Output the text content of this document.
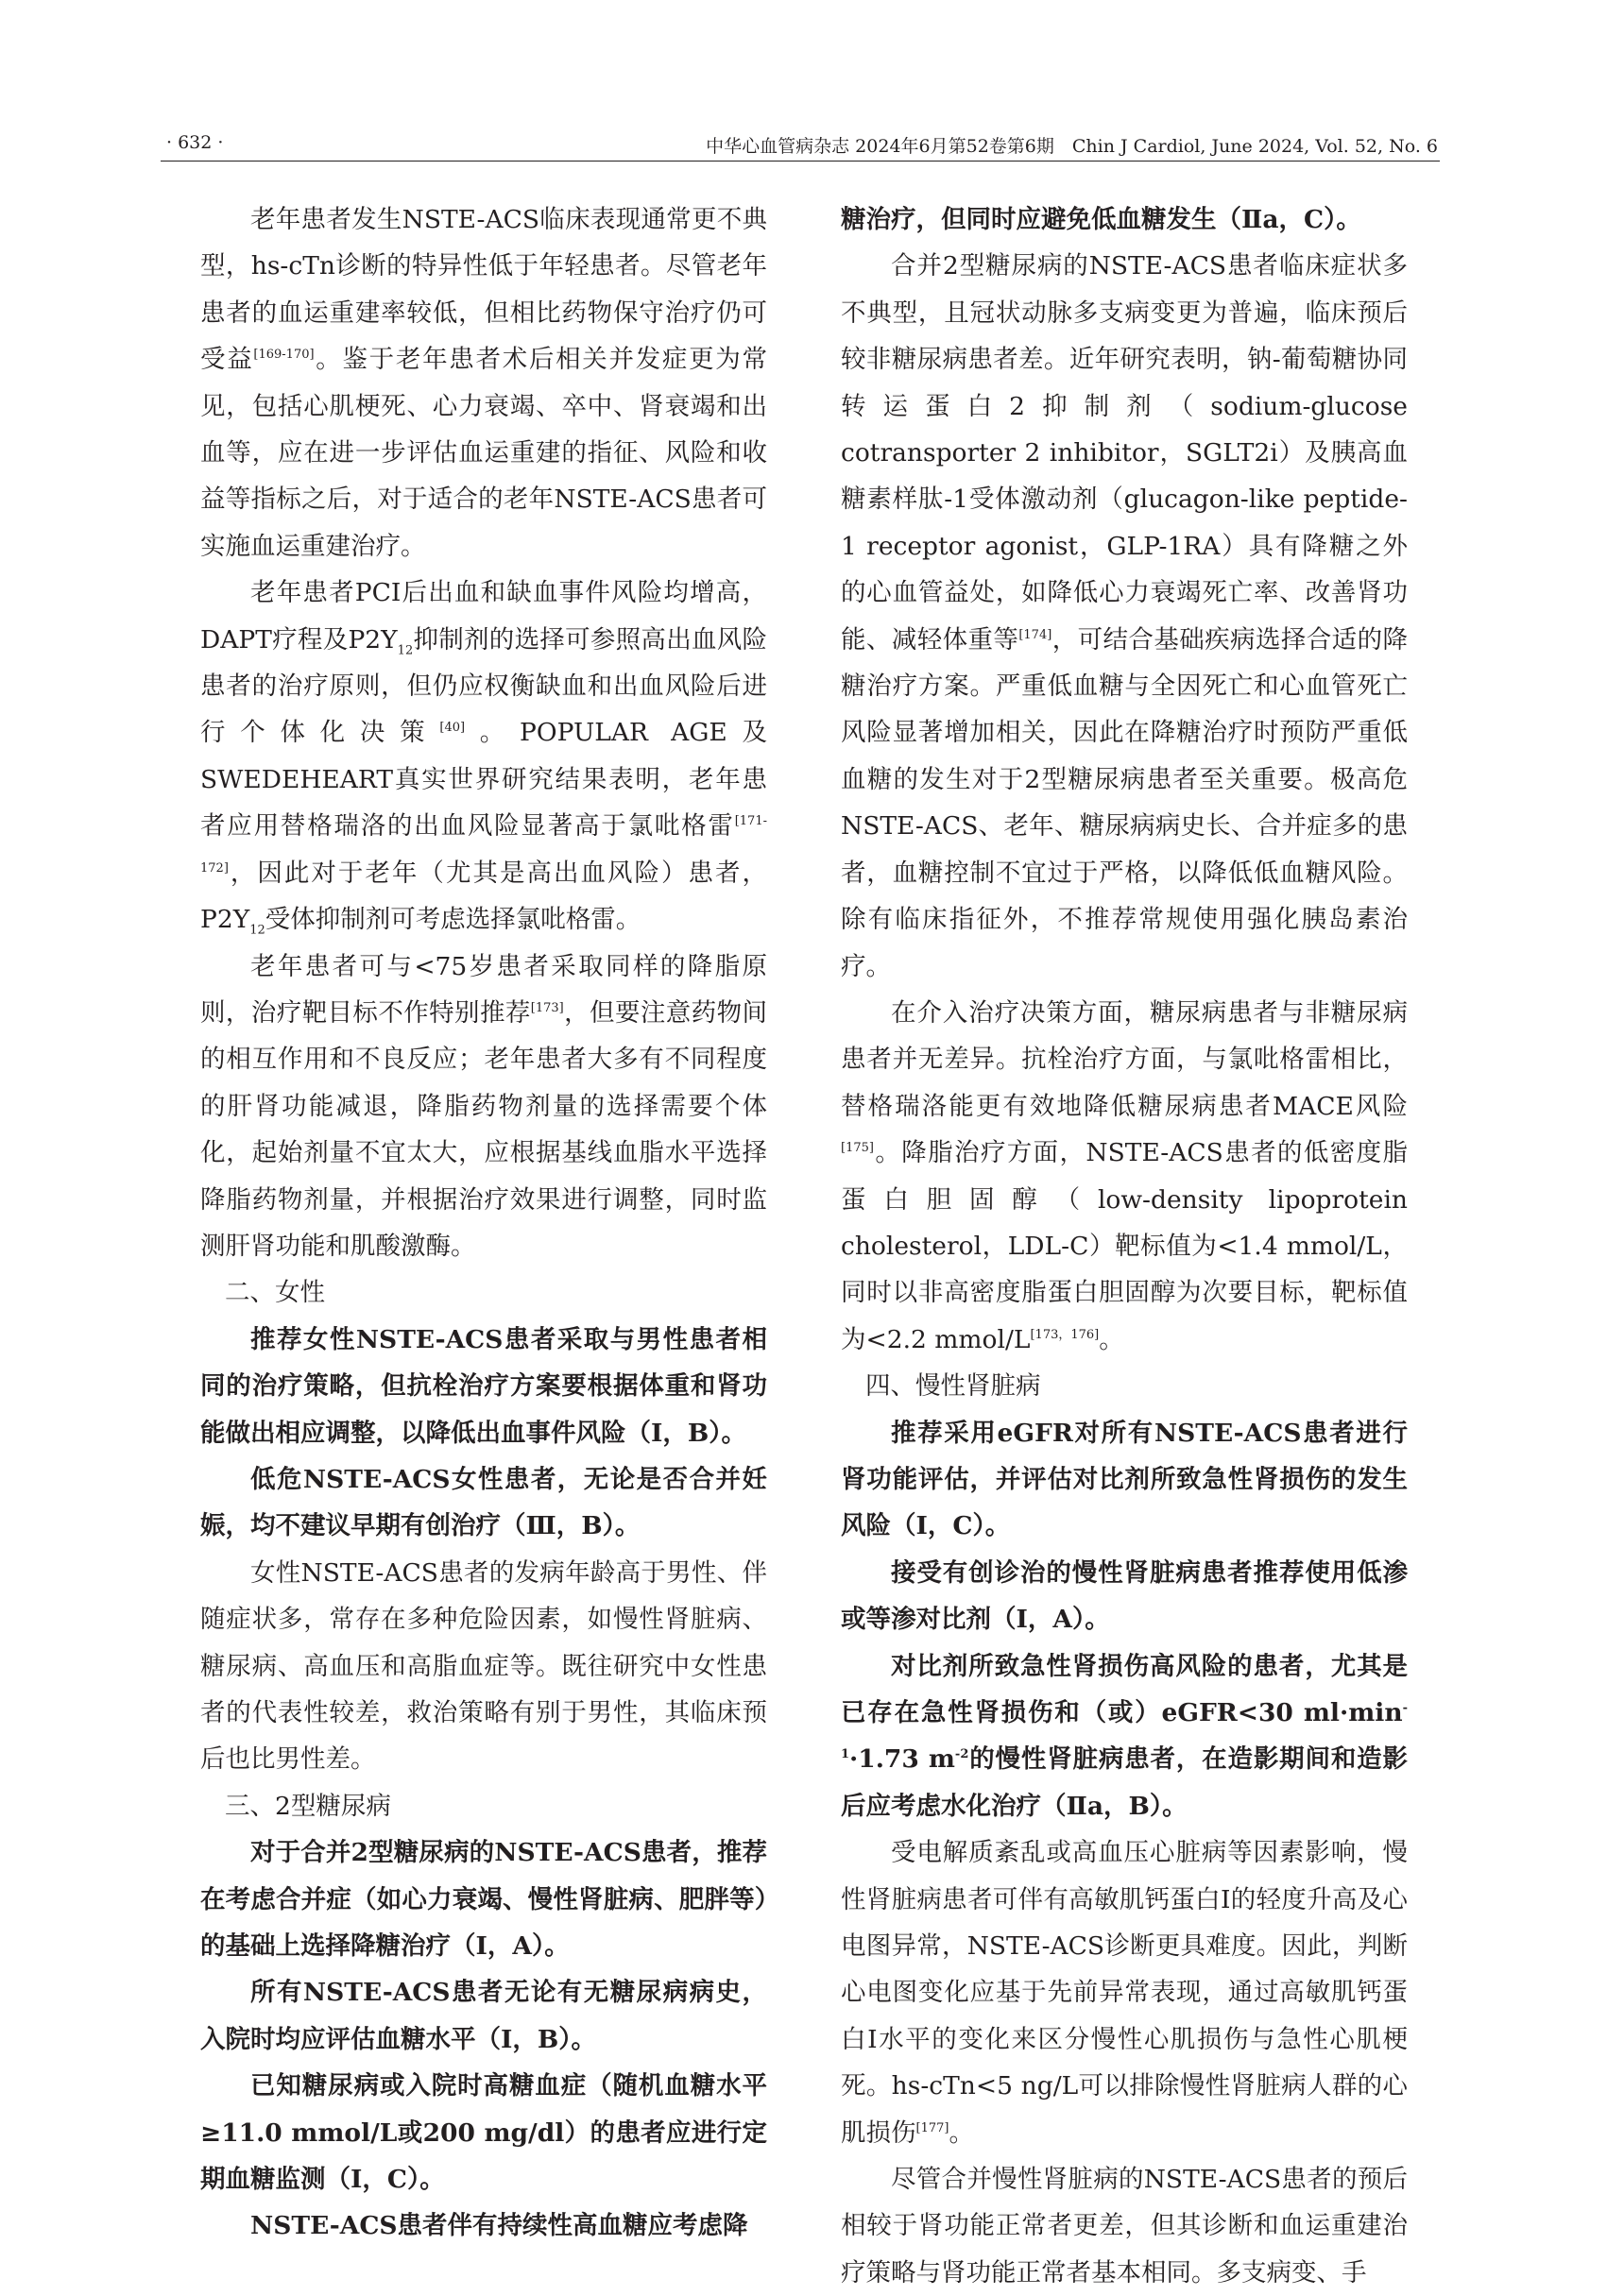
· 632 ·	中华心血管病杂志 2024年6月第52卷第6期　Chin J Cardiol, June 2024, Vol. 52, No. 6

老年患者发生NSTE-ACS临床表现通常更不典型，hs-cTn诊断的特异性低于年轻患者。尽管老年患者的血运重建率较低，但相比药物保守治疗仍可受益[169-170]。鉴于老年患者术后相关并发症更为常见，包括心肌梗死、心力衰竭、卒中、肾衰竭和出血等，应在进一步评估血运重建的指征、风险和收益等指标之后，对于适合的老年NSTE-ACS患者可实施血运重建治疗。

老年患者PCI后出血和缺血事件风险均增高，DAPT疗程及$P2Y_{12}$抑制剂的选择可参照高出血风险患者的治疗原则，但仍应权衡缺血和出血风险后进行个体化决策[40]。POPULAR AGE及SWEDEHEART真实世界研究结果表明，老年患者应用替格瑞洛的出血风险显著高于氯吡格雷[171-172]，因此对于老年（尤其是高出血风险）患者，$P2Y_{12}$受体抑制剂可考虑选择氯吡格雷。

老年患者可与<75岁患者采取同样的降脂原则，治疗靶目标不作特别推荐[173]，但要注意药物间的相互作用和不良反应；老年患者大多有不同程度的肝肾功能减退，降脂药物剂量的选择需要个体化，起始剂量不宜太大，应根据基线血脂水平选择降脂药物剂量，并根据治疗效果进行调整，同时监测肝肾功能和肌酸激酶。

二、女性

推荐女性NSTE-ACS患者采取与男性患者相同的治疗策略，但抗栓治疗方案要根据体重和肾功能做出相应调整，以降低出血事件风险（Ⅰ，B）。

低危NSTE-ACS女性患者，无论是否合并妊娠，均不建议早期有创治疗（Ⅲ，B）。

女性NSTE-ACS患者的发病年龄高于男性、伴随症状多，常存在多种危险因素，如慢性肾脏病、糖尿病、高血压和高脂血症等。既往研究中女性患者的代表性较差，救治策略有别于男性，其临床预后也比男性差。

三、2型糖尿病

对于合并2型糖尿病的NSTE-ACS患者，推荐在考虑合并症（如心力衰竭、慢性肾脏病、肥胖等）的基础上选择降糖治疗（Ⅰ，A）。

所有NSTE-ACS患者无论有无糖尿病病史，入院时均应评估血糖水平（Ⅰ，B）。

已知糖尿病或入院时高糖血症（随机血糖水平≥11.0 mmol/L或200 mg/dl）的患者应进行定期血糖监测（Ⅰ，C）。

NSTE-ACS患者伴有持续性高血糖应考虑降

糖治疗，但同时应避免低血糖发生（Ⅱa，C）。

合并2型糖尿病的NSTE-ACS患者临床症状多不典型，且冠状动脉多支病变更为普遍，临床预后较非糖尿病患者差。近年研究表明，钠-葡萄糖协同转运蛋白2抑制剂（sodium-glucose cotransporter 2 inhibitor，SGLT2i）及胰高血糖素样肽-1受体激动剂（glucagon-like peptide-1 receptor agonist，GLP-1RA）具有降糖之外的心血管益处，如降低心力衰竭死亡率、改善肾功能、减轻体重等[174]，可结合基础疾病选择合适的降糖治疗方案。严重低血糖与全因死亡和心血管死亡风险显著增加相关，因此在降糖治疗时预防严重低血糖的发生对于2型糖尿病患者至关重要。极高危NSTE-ACS、老年、糖尿病病史长、合并症多的患者，血糖控制不宜过于严格，以降低低血糖风险。除有临床指征外，不推荐常规使用强化胰岛素治疗。

在介入治疗决策方面，糖尿病患者与非糖尿病患者并无差异。抗栓治疗方面，与氯吡格雷相比，替格瑞洛能更有效地降低糖尿病患者MACE风险[175]。降脂治疗方面，NSTE-ACS患者的低密度脂蛋白胆固醇（low-density lipoprotein cholesterol，LDL-C）靶标值为<1.4 mmol/L，同时以非高密度脂蛋白胆固醇为次要目标，靶标值为<2.2 mmol/L[173，176]。

四、慢性肾脏病

推荐采用eGFR对所有NSTE-ACS患者进行肾功能评估，并评估对比剂所致急性肾损伤的发生风险（Ⅰ，C）。

接受有创诊治的慢性肾脏病患者推荐使用低渗或等渗对比剂（Ⅰ，A）。

对比剂所致急性肾损伤高风险的患者，尤其是已存在急性肾损伤和（或）eGFR<30 $ml\cdot\min^{-1}\cdot 1.73$ $m^{-2}$的慢性肾脏病患者，在造影期间和造影后应考虑水化治疗（Ⅱa，B）。

受电解质紊乱或高血压心脏病等因素影响，慢性肾脏病患者可伴有高敏肌钙蛋白Ⅰ的轻度升高及心电图异常，NSTE-ACS诊断更具难度。因此，判断心电图变化应基于先前异常表现，通过高敏肌钙蛋白Ⅰ水平的变化来区分慢性心肌损伤与急性心肌梗死。hs-cTn<5 ng/L可以排除慢性肾脏病人群的心肌损伤[177]。

尽管合并慢性肾脏病的NSTE-ACS患者的预后相较于肾功能正常者更差，但其诊断和血运重建治疗策略与肾功能正常者基本相同。多支病变、手
